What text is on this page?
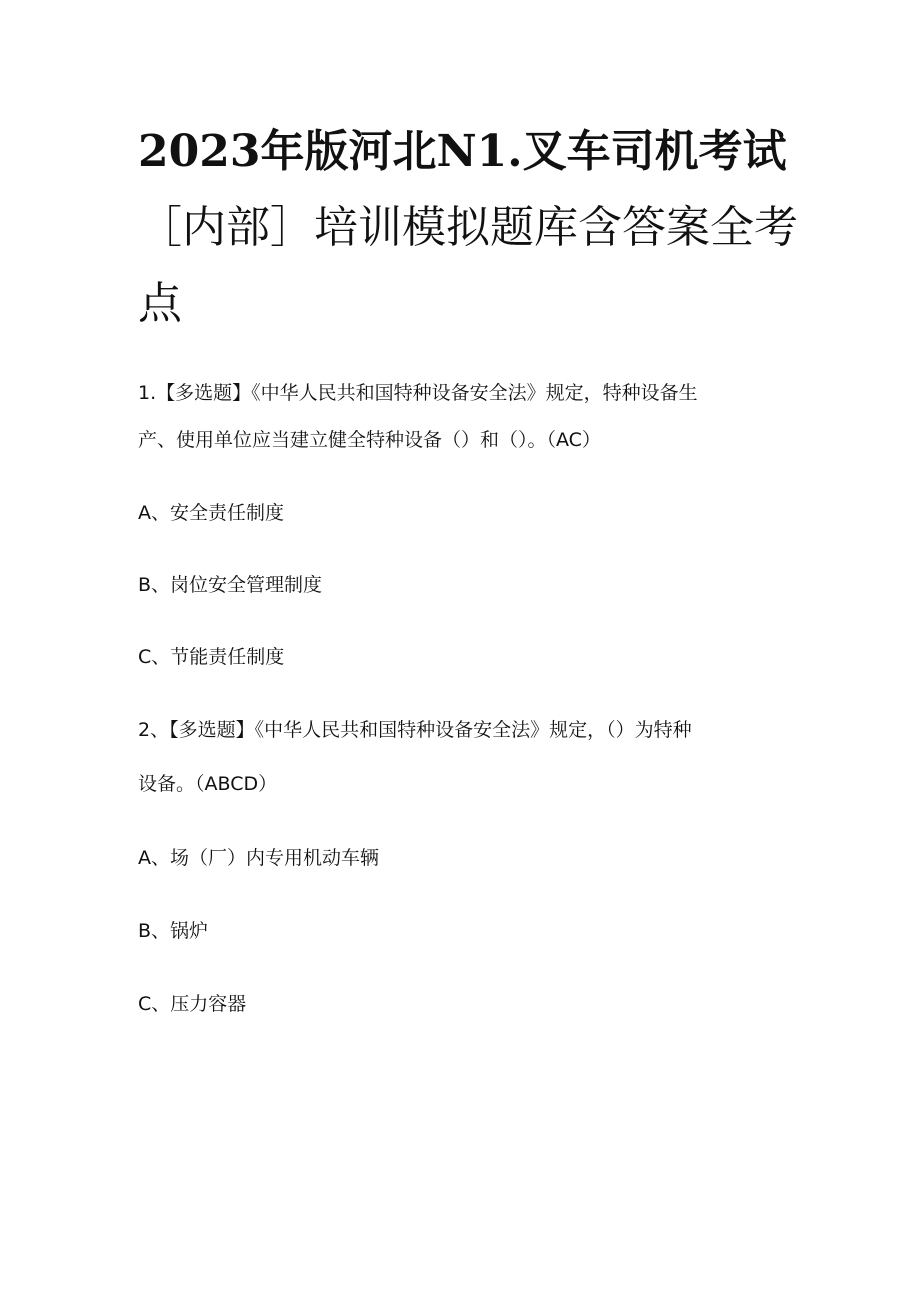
2023年版河北N1.叉车司机考试
［内部］培训模拟题库含答案全考
点
1.【多选题】《中华人民共和国特种设备安全法》规定，特种设备生
产、使用单位应当建立健全特种设备（）和（）。（AC）
A、安全责任制度
B、岗位安全管理制度
C、节能责任制度
2、【多选题】《中华人民共和国特种设备安全法》规定，（）为特种
设备。（ABCD）
A、场（厂）内专用机动车辆
B、锅炉
C、压力容器
